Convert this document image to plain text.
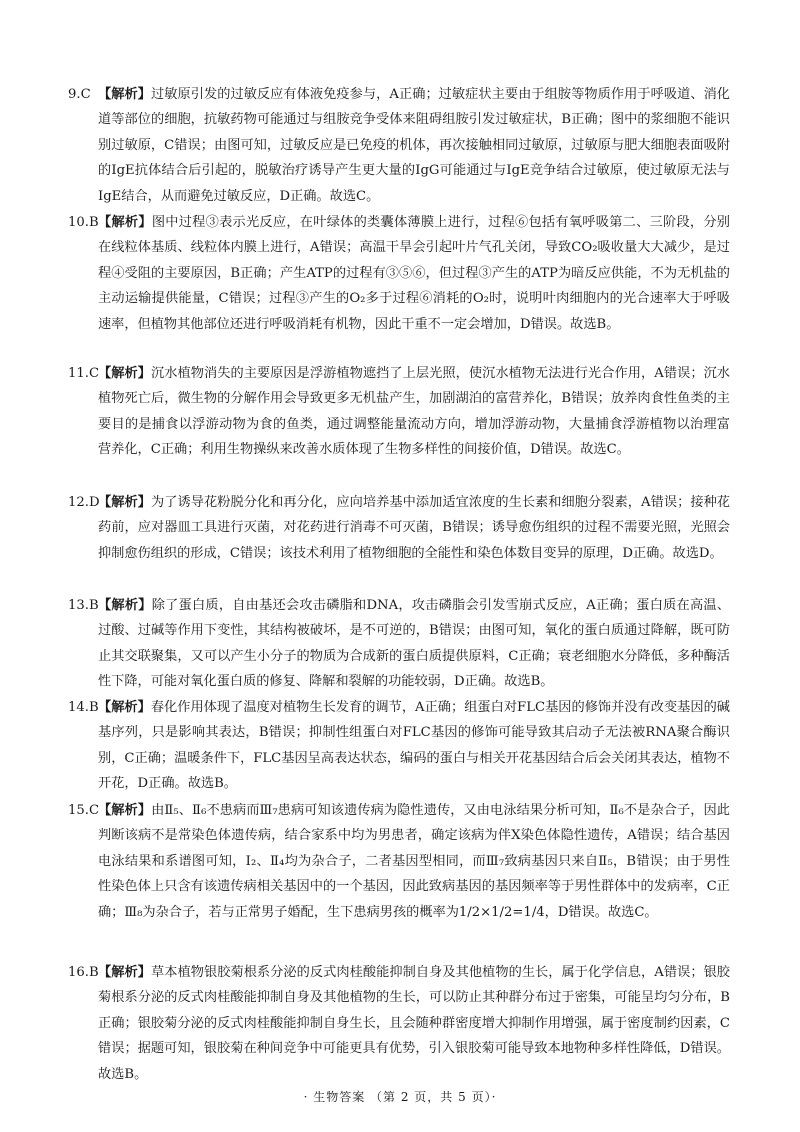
9.C 【解析】过敏原引发的过敏反应有体液免疫参与，A正确；过敏症状主要由于组胺等物质作用于呼吸道、消化道等部位的细胞，抗敏药物可能通过与组胺竞争受体来阻碍组胺引发过敏症状，B正确；图中的浆细胞不能识别过敏原，C错误；由图可知，过敏反应是已免疫的机体，再次接触相同过敏原，过敏原与肥大细胞表面吸附的IgE抗体结合后引起的，脱敏治疗诱导产生更大量的IgG可能通过与IgE竞争结合过敏原，使过敏原无法与IgE结合，从而避免过敏反应，D正确。故选C。
10.B 【解析】图中过程③表示光反应，在叶绿体的类囊体薄膜上进行，过程⑥包括有氧呼吸第二、三阶段，分别在线粒体基质、线粒体内膜上进行，A错误；高温干旱会引起叶片气孔关闭，导致CO₂吸收量大大减少，是过程④受阻的主要原因，B正确；产生ATP的过程有③⑤⑥，但过程③产生的ATP为暗反应供能，不为无机盐的主动运输提供能量，C错误；过程③产生的O₂多于过程⑥消耗的O₂时，说明叶肉细胞内的光合速率大于呼吸速率，但植物其他部位还进行呼吸消耗有机物，因此干重不一定会增加，D错误。故选B。
11.C
【解析】沉水植物消失的主要原因是浮游植物遮挡了上层光照，使沉水植物无法进行光合作用，A错误；沉水植物死亡后，微生物的分解作用会导致更多无机盐产生，加剧湖泊的富营养化，B错误；放养肉食性鱼类的主要目的是捕食以浮游动物为食的鱼类，通过调整能量流动方向，增加浮游动物，大量捕食浮游植物以治理富营养化，C正确；利用生物操纵来改善水质体现了生物多样性的间接价值，D错误。故选C。
12.D
【解析】为了诱导花粉脱分化和再分化，应向培养基中添加适宜浓度的生长素和细胞分裂素，A错误；接种花药前，应对器皿工具进行灭菌，对花药进行消毒不可灭菌，B错误；诱导愈伤组织的过程不需要光照，光照会抑制愈伤组织的形成，C错误；该技术利用了植物细胞的全能性和染色体数目变异的原理，D正确。故选D。
13.B 【解析】除了蛋白质，自由基还会攻击磷脂和DNA，攻击磷脂会引发雪崩式反应，A正确；蛋白质在高温、过酸、过碱等作用下变性，其结构被破坏，是不可逆的，B错误；由图可知，氧化的蛋白质通过降解，既可防止其交联聚集，又可以产生小分子的物质为合成新的蛋白质提供原料，C正确；衰老细胞水分降低，多种酶活性下降，可能对氧化蛋白质的修复、降解和裂解的功能较弱，D正确。故选B。
14.B 【解析】春化作用体现了温度对植物生长发育的调节，A正确；组蛋白对FLC基因的修饰并没有改变基因的碱基序列，只是影响其表达，B错误；抑制性组蛋白对FLC基因的修饰可能导致其启动子无法被RNA聚合酶识别，C正确；温暖条件下，FLC基因呈高表达状态，编码的蛋白与相关开花基因结合后会关闭其表达，植物不开花，D正确。故选B。
15.C
【解析】由Ⅱ₅、Ⅱ₆不患病而Ⅲ₇患病可知该遗传病为隐性遗传，又由电泳结果分析可知，Ⅱ₆不是杂合子，因此判断该病不是常染色体遗传病，结合家系中均为男患者，确定该病为伴X染色体隐性遗传，A错误；结合基因电泳结果和系谱图可知，Ⅰ₂、Ⅱ₄均为杂合子，二者基因型相同，而Ⅲ₇致病基因只来自Ⅱ₅，B错误；由于男性性染色体上只含有该遗传病相关基因中的一个基因，因此致病基因的基因频率等于男性群体中的发病率，C正确；Ⅲ₈为杂合子，若与正常男子婚配，生下患病男孩的概率为1/2×1/2=1/4，D错误。故选C。
16.B 【解析】草本植物银胶菊根系分泌的反式肉桂酸能抑制自身及其他植物的生长，属于化学信息，A错误；银胶菊根系分泌的反式肉桂酸能抑制自身及其他植物的生长，可以防止其种群分布过于密集，可能呈均匀分布，B正确；银胶菊分泌的反式肉桂酸能抑制自身生长，且会随种群密度增大抑制作用增强，属于密度制约因素，C错误；据题可知，银胶菊在种间竞争中可能更具有优势，引入银胶菊可能导致本地物种多样性降低，D错误。故选B。
· 生物答案 （第 2 页，共 5 页）·
